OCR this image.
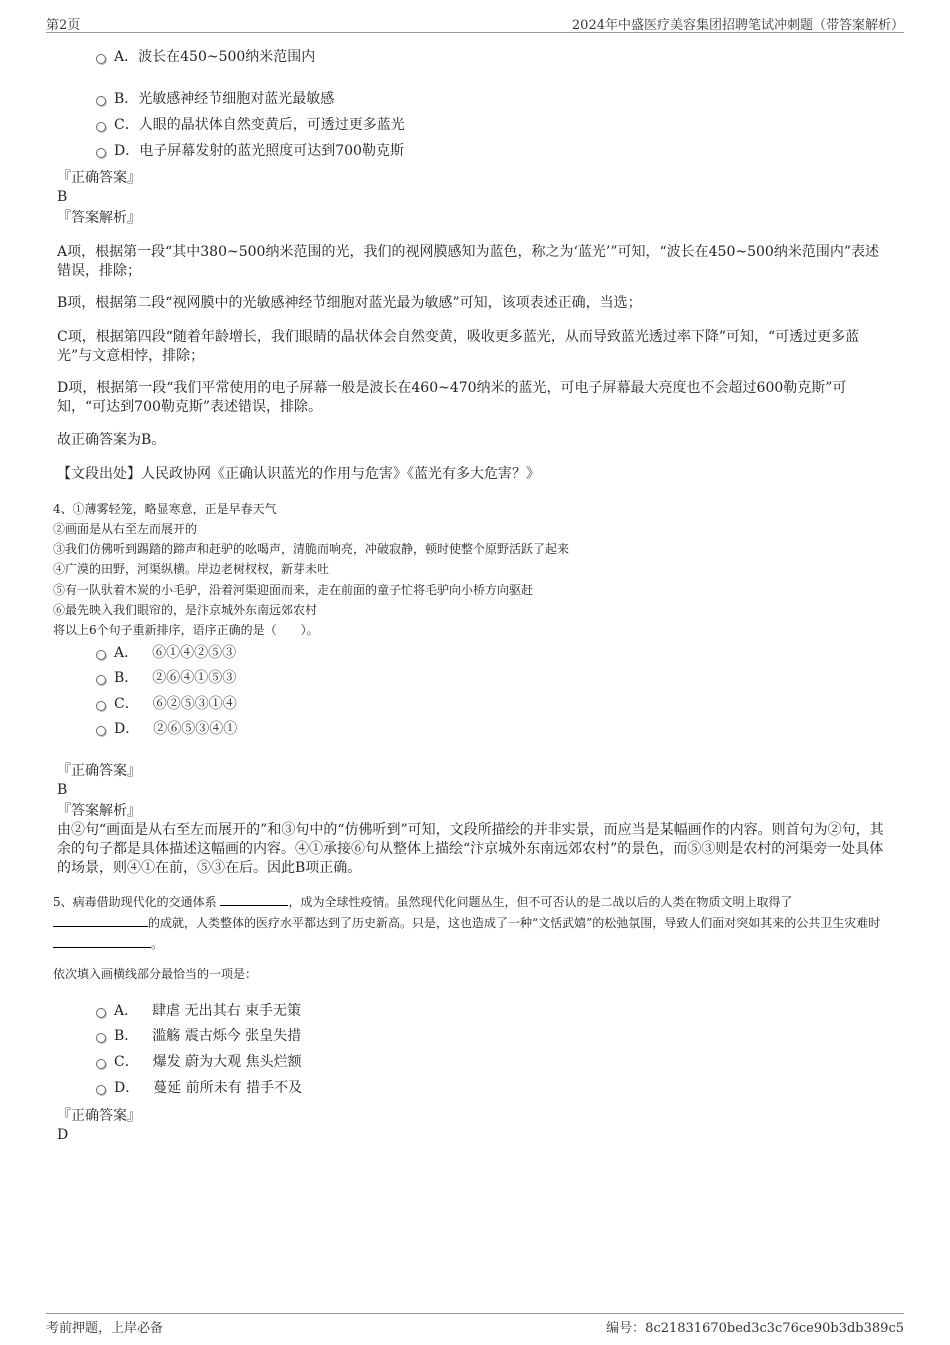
第2页	2024年中盛医疗美容集团招聘笔试冲刺题（带答案解析）
A．波长在450~500纳米范围内
B．光敏感神经节细胞对蓝光最敏感
C．人眼的晶状体自然变黄后，可透过更多蓝光
D．电子屏幕发射的蓝光照度可达到700勒克斯
『正确答案』
B
『答案解析』
A项，根据第一段“其中380~500纳米范围的光，我们的视网膜感知为蓝色，称之为‘蓝光’”可知，“波长在450~500纳米范围内”表述错误，排除；
B项，根据第二段“视网膜中的光敏感神经节细胞对蓝光最为敏感”可知，该项表述正确，当选；
C项，根据第四段“随着年龄增长，我们眼睛的晶状体会自然变黄，吸收更多蓝光，从而导致蓝光透过率下降”可知，“可透过更多蓝光”与文意相悖，排除；
D项，根据第一段“我们平常使用的电子屏幕一般是波长在460~470纳米的蓝光，可电子屏幕最大亮度也不会超过600勒克斯”可知，“可达到700勒克斯”表述错误，排除。
故正确答案为B。
【文段出处】人民政协网《正确认识蓝光的作用与危害》《蓝光有多大危害？》
4、①薄雾轻笼，略显寒意，正是早春天气
②画面是从右至左而展开的
③我们仿佛听到踢踏的蹄声和赶驴的吆喝声，清脆而响亮，冲破寂静，顿时使整个原野活跃了起来
④广漠的田野，河渠纵横。岸边老树杈杈，新芽未吐
⑤有一队驮着木炭的小毛驴，沿着河渠迎面而来，走在前面的童子忙将毛驴向小桥方向驱赶
⑥最先映入我们眼帘的，是汴京城外东南远郊农村
将以上6个句子重新排序，语序正确的是（　　）。
A．　 ⑥①④②⑤③
B．　 ②⑥④①⑤③
C．　 ⑥②⑤③①④
D．　 ②⑥⑤③④①
『正确答案』
B
『答案解析』
由②句“画面是从右至左而展开的”和③句中的“仿佛听到”可知，文段所描绘的并非实景，而应当是某幅画作的内容。则首句为②句，其余的句子都是具体描述这幅画的内容。④①承接⑥句从整体上描绘“汴京城外东南远郊农村”的景色，而⑤③则是农村的河渠旁一处具体的场景，则④①在前，⑤③在后。因此B项正确。
5、病毒借助现代化的交通体系	，成为全球性疫情。虽然现代化问题丛生，但不可否认的是二战以后的人类在物质文明上取得了
的成就，人类整体的医疗水平都达到了历史新高。只是，这也造成了一种“文恬武嬉”的松弛氛围，导致人们面对突如其来的公共卫生灾难时 。
依次填入画横线部分最恰当的一项是：
A．　 肆虐 无出其右 束手无策
B．　 滥觞 震古烁今 张皇失措
C．　 爆发 蔚为大观 焦头烂额
D．　 蔓延 前所未有 措手不及
『正确答案』
D
考前押题，上岸必备	编号：8c21831670bed3c3c76ce90b3db389c5
